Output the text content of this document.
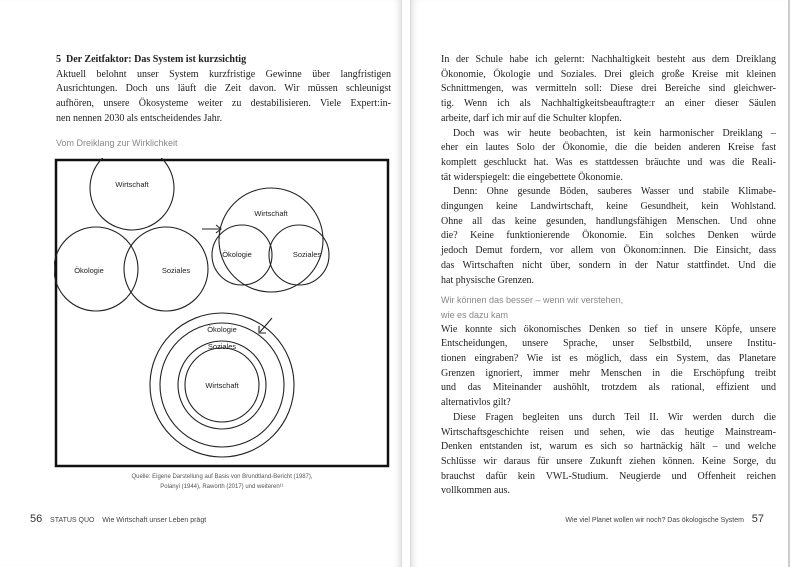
5 Der Zeitfaktor: Das System ist kurzsichtig
Aktuell belohnt unser System kurzfristige Gewinne über langfristigen
Ausrichtungen. Doch uns läuft die Zeit davon. Wir müssen schleunigst
aufhören, unsere Ökosysteme weiter zu destabilisieren. Viele Expert:in-
nen nennen 2030 als entscheidendes Jahr.
Vom Dreiklang zur Wirklichkeit
Wirtschaft
Ökologie	Soziales
Wirtschaft
Ökologie	Soziales
Ökologie
Soziales
Wirtschaft
Quelle: Eigene Darstellung auf Basis von Brundtland-Bericht (1987),
Polanyi (1944), Raworth (2017) und weiteren¹¹
56 STATUS QUO Wie Wirtschaft unser Leben prägt
In der Schule habe ich gelernt: Nachhaltigkeit besteht aus dem Dreiklang
Ökonomie, Ökologie und Soziales. Drei gleich große Kreise mit kleinen
Schnittmengen, was vermitteln soll: Diese drei Bereiche sind gleichwer-
tig. Wenn ich als Nachhaltigkeitsbeauftragte:r an einer dieser Säulen
arbeite, darf ich mir auf die Schulter klopfen.
Doch was wir heute beobachten, ist kein harmonischer Dreiklang –
eher ein lautes Solo der Ökonomie, die die beiden anderen Kreise fast
komplett geschluckt hat. Was es stattdessen bräuchte und was die Reali-
tät widerspiegelt: die eingebettete Ökonomie.
Denn: Ohne gesunde Böden, sauberes Wasser und stabile Klimabe-
dingungen keine Landwirtschaft, keine Gesundheit, kein Wohlstand.
Ohne all das keine gesunden, handlungsfähigen Menschen. Und ohne
die? Keine funktionierende Ökonomie. Ein solches Denken würde
jedoch Demut fordern, vor allem von Ökonom:innen. Die Einsicht, dass
das Wirtschaften nicht über, sondern in der Natur stattfindet. Und die
hat physische Grenzen.
Wir können das besser – wenn wir verstehen,
wie es dazu kam
Wie konnte sich ökonomisches Denken so tief in unsere Köpfe, unsere
Entscheidungen, unsere Sprache, unser Selbstbild, unsere Institu-
tionen eingraben? Wie ist es möglich, dass ein System, das Planetare
Grenzen ignoriert, immer mehr Menschen in die Erschöpfung treibt
und das Miteinander aushöhlt, trotzdem als rational, effizient und
alternativlos gilt?
Diese Fragen begleiten uns durch Teil II. Wir werden durch die
Wirtschaftsgeschichte reisen und sehen, wie das heutige Mainstream-
Denken entstanden ist, warum es sich so hartnäckig hält – und welche
Schlüsse wir daraus für unsere Zukunft ziehen können. Keine Sorge, du
brauchst dafür kein VWL-Studium. Neugierde und Offenheit reichen
vollkommen aus.
Wie viel Planet wollen wir noch? Das ökologische System 57
